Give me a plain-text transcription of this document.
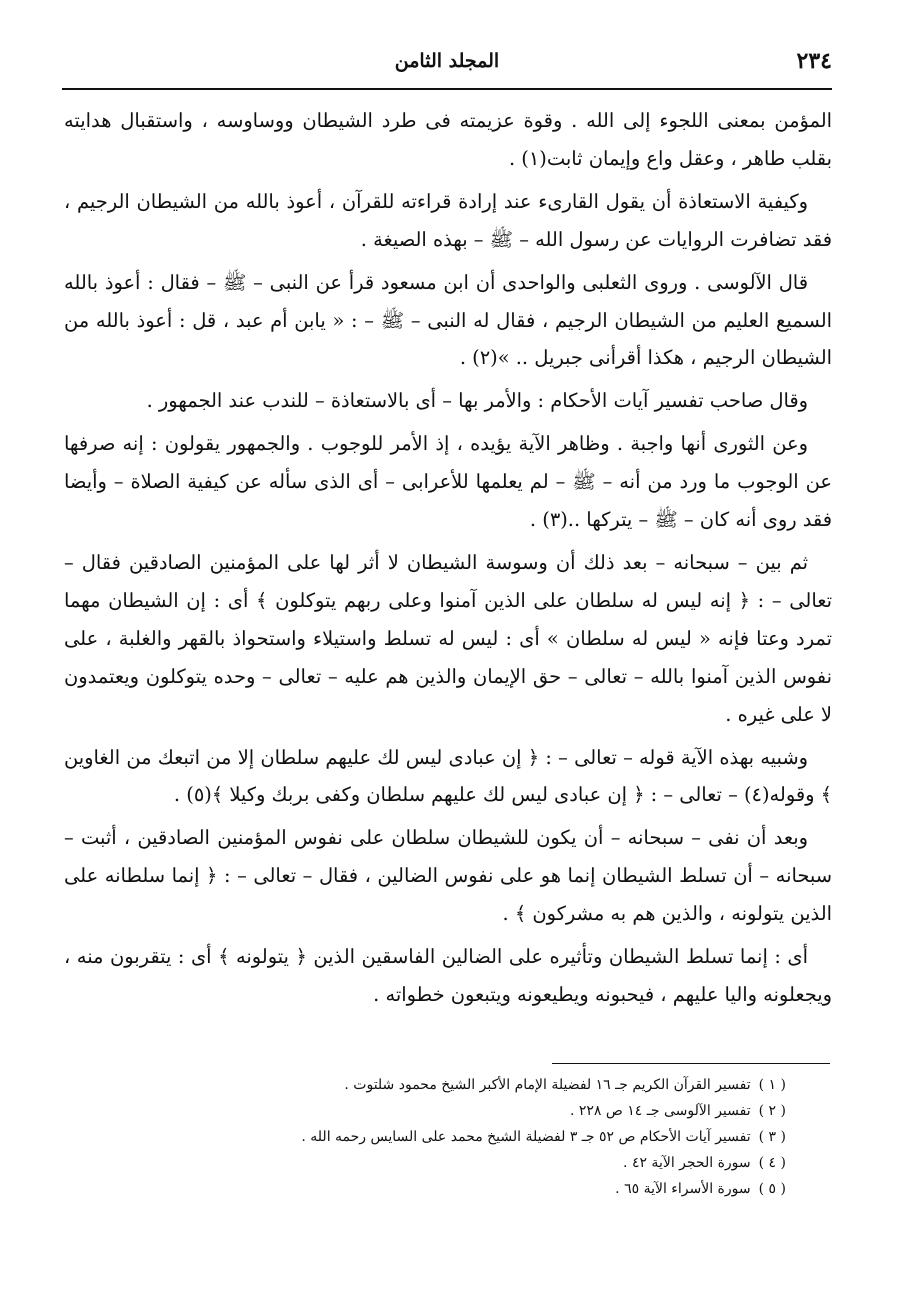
٢٣٤
المجلد الثامن

المؤمن بمعنى اللجوء إلى الله . وقوة عزيمته فى طرد الشيطان ووساوسه ، واستقبال هدايته بقلب طاهر ، وعقل واع وإيمان ثابت(١) .

وكيفية الاستعاذة أن يقول القارىء عند إرادة قراءته للقرآن ، أعوذ بالله من الشيطان الرجيم ، فقد تضافرت الروايات عن رسول الله – ﷺ – بهذه الصيغة .

قال الآلوسى . وروى الثعلبى والواحدى أن ابن مسعود قرأ عن النبى – ﷺ – فقال : أعوذ بالله السميع العليم من الشيطان الرجيم ، فقال له النبى – ﷺ – : « يابن أم عبد ، قل : أعوذ بالله من الشيطان الرجيم ، هكذا أقرأنى جبريل .. »(٢) .

وقال صاحب تفسير آيات الأحكام : والأمر بها – أى بالاستعاذة – للندب عند الجمهور .

وعن الثورى أنها واجبة . وظاهر الآية يؤيده ، إذ الأمر للوجوب . والجمهور يقولون : إنه صرفها عن الوجوب ما ورد من أنه – ﷺ – لم يعلمها للأعرابى – أى الذى سأله عن كيفية الصلاة – وأيضا فقد روى أنه كان – ﷺ – يتركها ..(٣) .

ثم بين – سبحانه – بعد ذلك أن وسوسة الشيطان لا أثر لها على المؤمنين الصادقين فقال – تعالى – : ﴿ إنه ليس له سلطان على الذين آمنوا وعلى ربهم يتوكلون ﴾ أى : إن الشيطان مهما تمرد وعتا فإنه « ليس له سلطان » أى : ليس له تسلط واستيلاء واستحواذ بالقهر والغلبة ، على نفوس الذين آمنوا بالله – تعالى – حق الإيمان والذين هم عليه – تعالى – وحده يتوكلون ويعتمدون لا على غيره .

وشبيه بهذه الآية قوله – تعالى – : ﴿ إن عبادى ليس لك عليهم سلطان إلا من اتبعك من الغاوين ﴾ وقوله(٤) – تعالى – : ﴿ إن عبادى ليس لك عليهم سلطان وكفى بربك وكيلا ﴾(٥) .

وبعد أن نفى – سبحانه – أن يكون للشيطان سلطان على نفوس المؤمنين الصادقين ، أثبت – سبحانه – أن تسلط الشيطان إنما هو على نفوس الضالين ، فقال – تعالى – : ﴿ إنما سلطانه على الذين يتولونه ، والذين هم به مشركون ﴾ .

أى : إنما تسلط الشيطان وتأثيره على الضالين الفاسقين الذين ﴿ يتولونه ﴾ أى : يتقربون منه ، ويجعلونه واليا عليهم ، فيحبونه ويطيعونه ويتبعون خطواته .

( ١ )تفسير القرآن الكريم جـ ١٦ لفضيلة الإمام الأكبر الشيخ محمود شلتوت .
( ٢ )تفسير الآلوسى جـ ١٤ ص ٢٢٨ .
( ٣ )تفسير آيات الأحكام ص ٥٢ جـ ٣ لفضيلة الشيخ محمد على السايس رحمه الله .
( ٤ )سورة الحجر الآية ٤٢ .
( ٥ )سورة الأسراء الآية ٦٥ .
